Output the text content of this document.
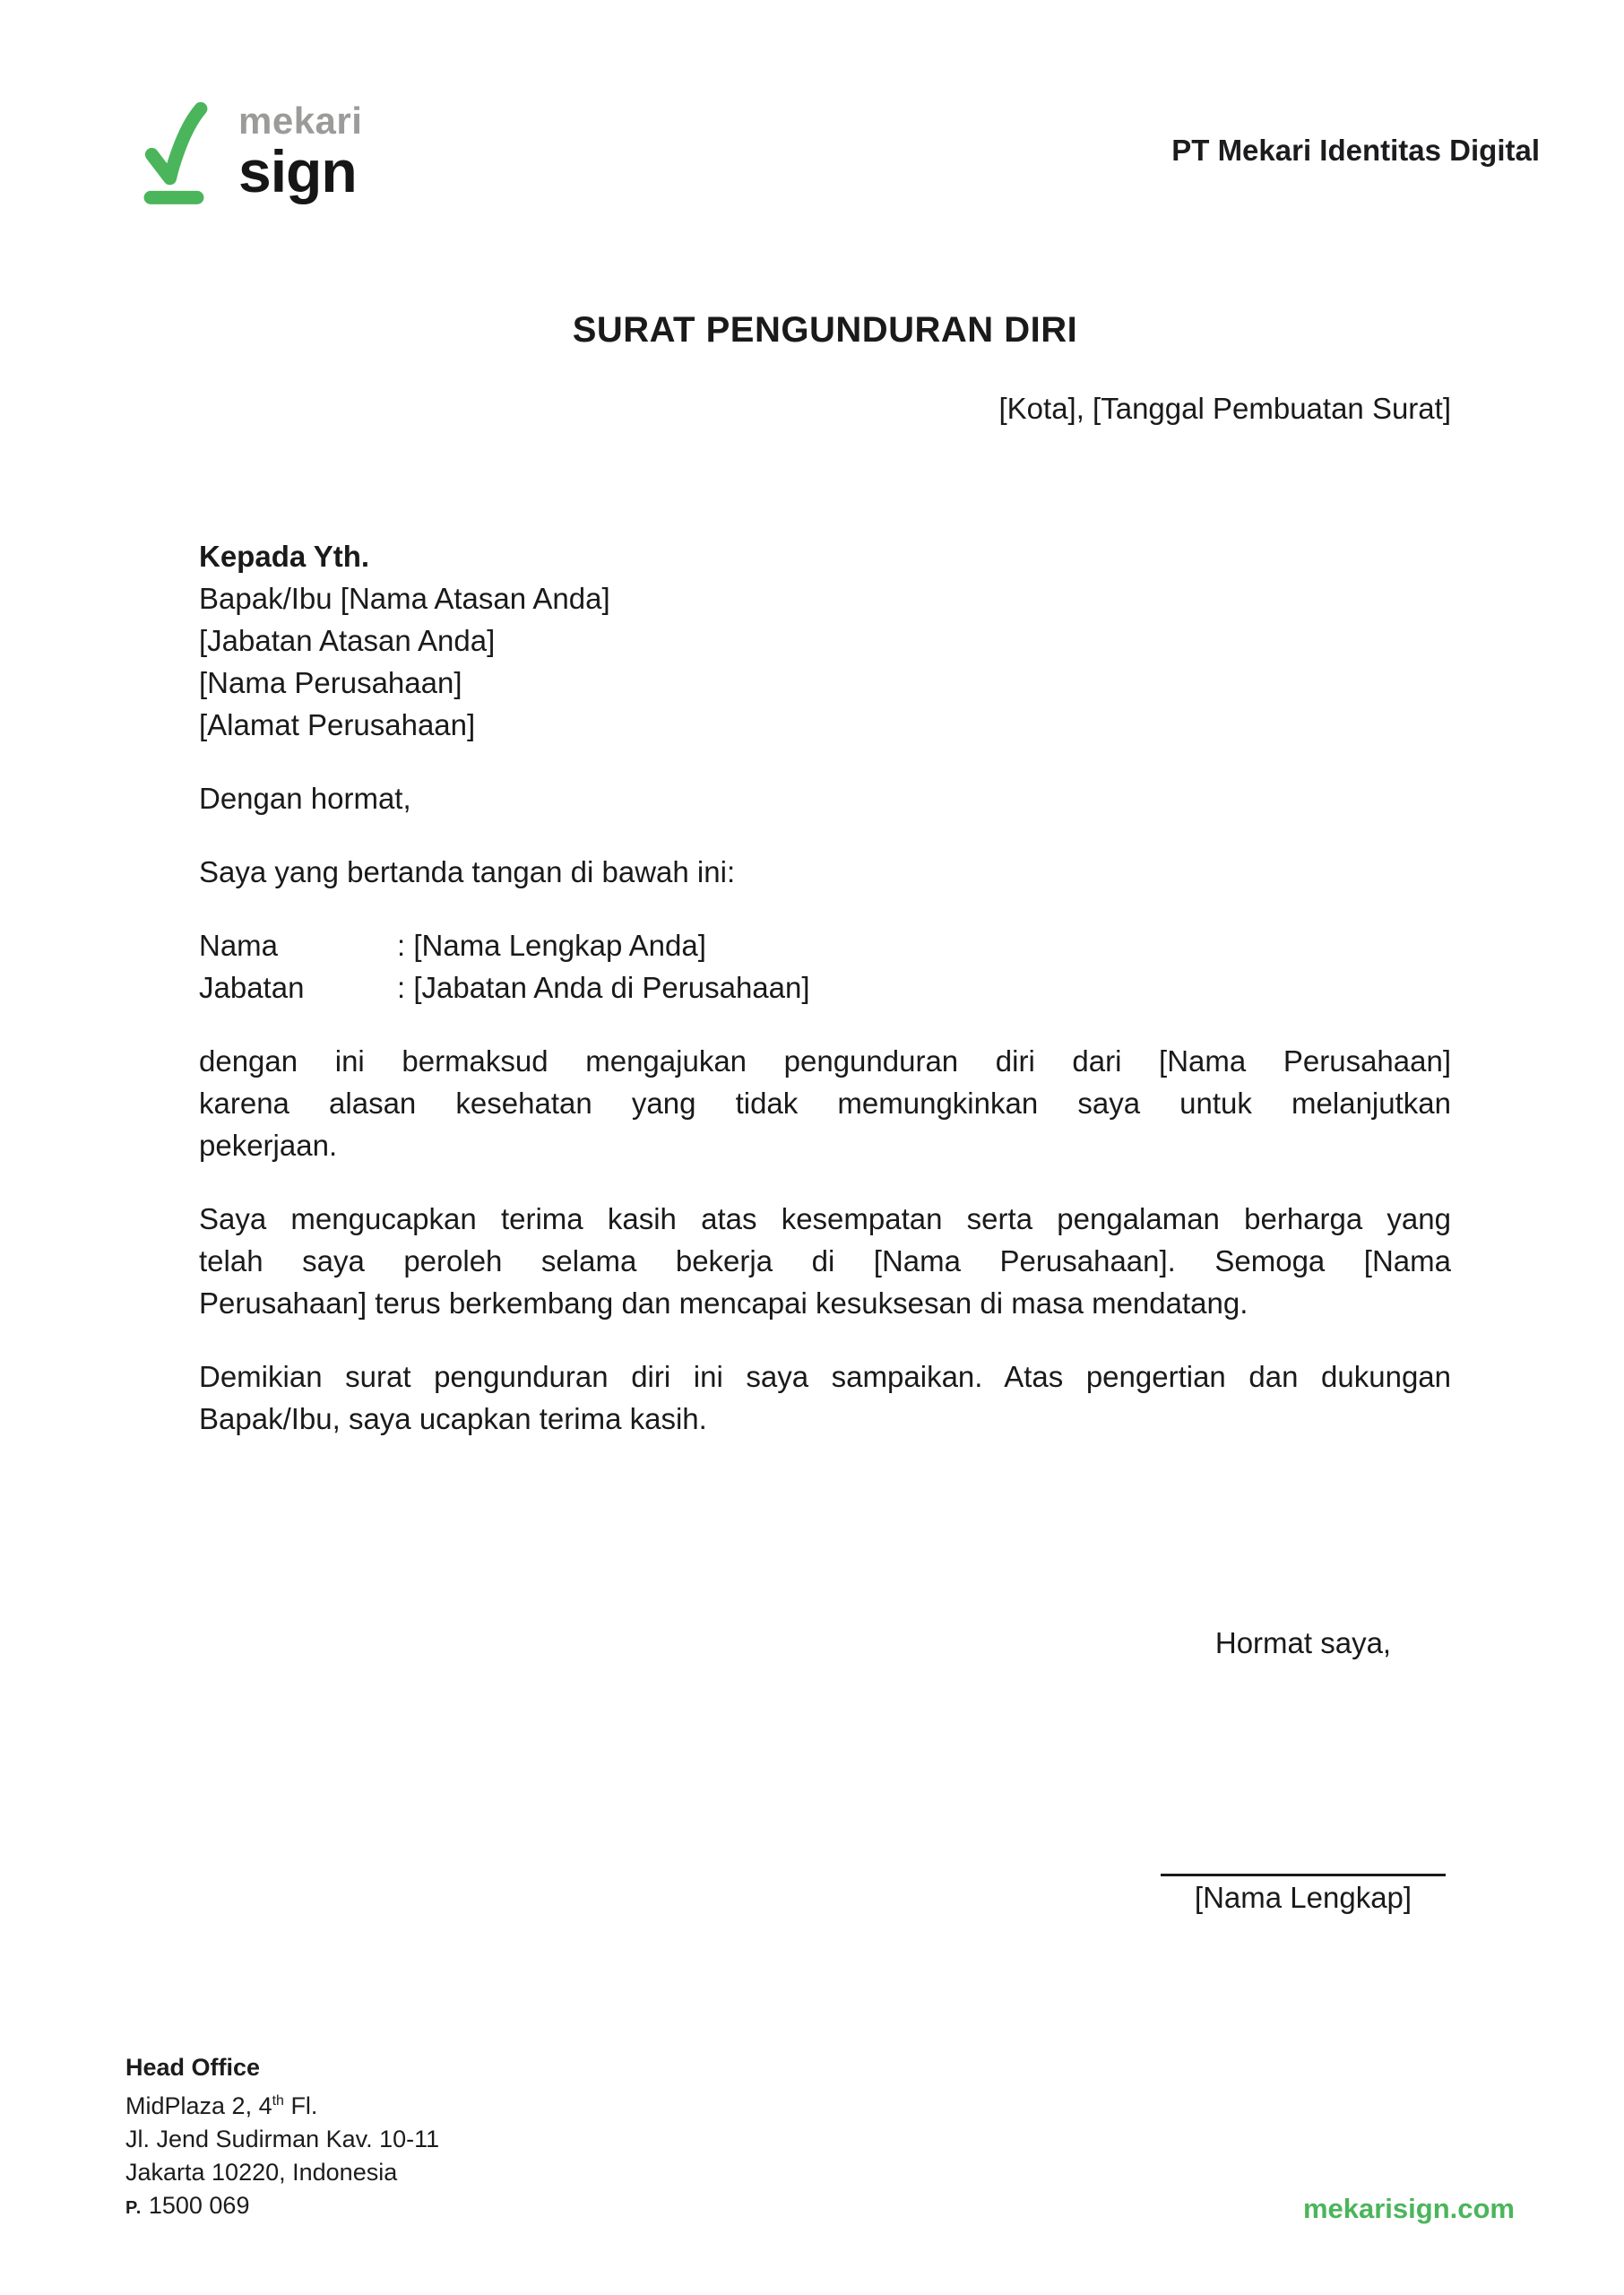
mekari
sign	PT Mekari Identitas Digital
SURAT PENGUNDURAN DIRI
[Kota], [Tanggal Pembuatan Surat]

Kepada Yth.

Bapak/Ibu [Nama Atasan Anda]

[Jabatan Atasan Anda]

[Nama Perusahaan]

[Alamat Perusahaan]

Dengan hormat,

Saya yang bertanda tangan di bawah ini:

Nama	:
[Nama Lengkap Anda]
Jabatan	:
[Jabatan Anda di Perusahaan]
dengan ini bermaksud mengajukan pengunduran diri dari [Nama Perusahaan]
karena alasan kesehatan yang tidak memungkinkan saya untuk melanjutkan
pekerjaan.
Saya mengucapkan terima kasih atas kesempatan serta pengalaman berharga yang
telah saya peroleh selama bekerja di [Nama Perusahaan]. Semoga [Nama
Perusahaan] terus berkembang dan mencapai kesuksesan di masa mendatang.
Demikian surat pengunduran diri ini saya sampaikan. Atas pengertian dan dukungan
Bapak/Ibu, saya ucapkan terima kasih.

Hormat saya,

[Nama Lengkap]

Head Office
MidPlaza 2, 4th Fl.
Jl. Jend Sudirman Kav. 10-11
Jakarta 10220, Indonesia
P. 1500 069	mekarisign.com
